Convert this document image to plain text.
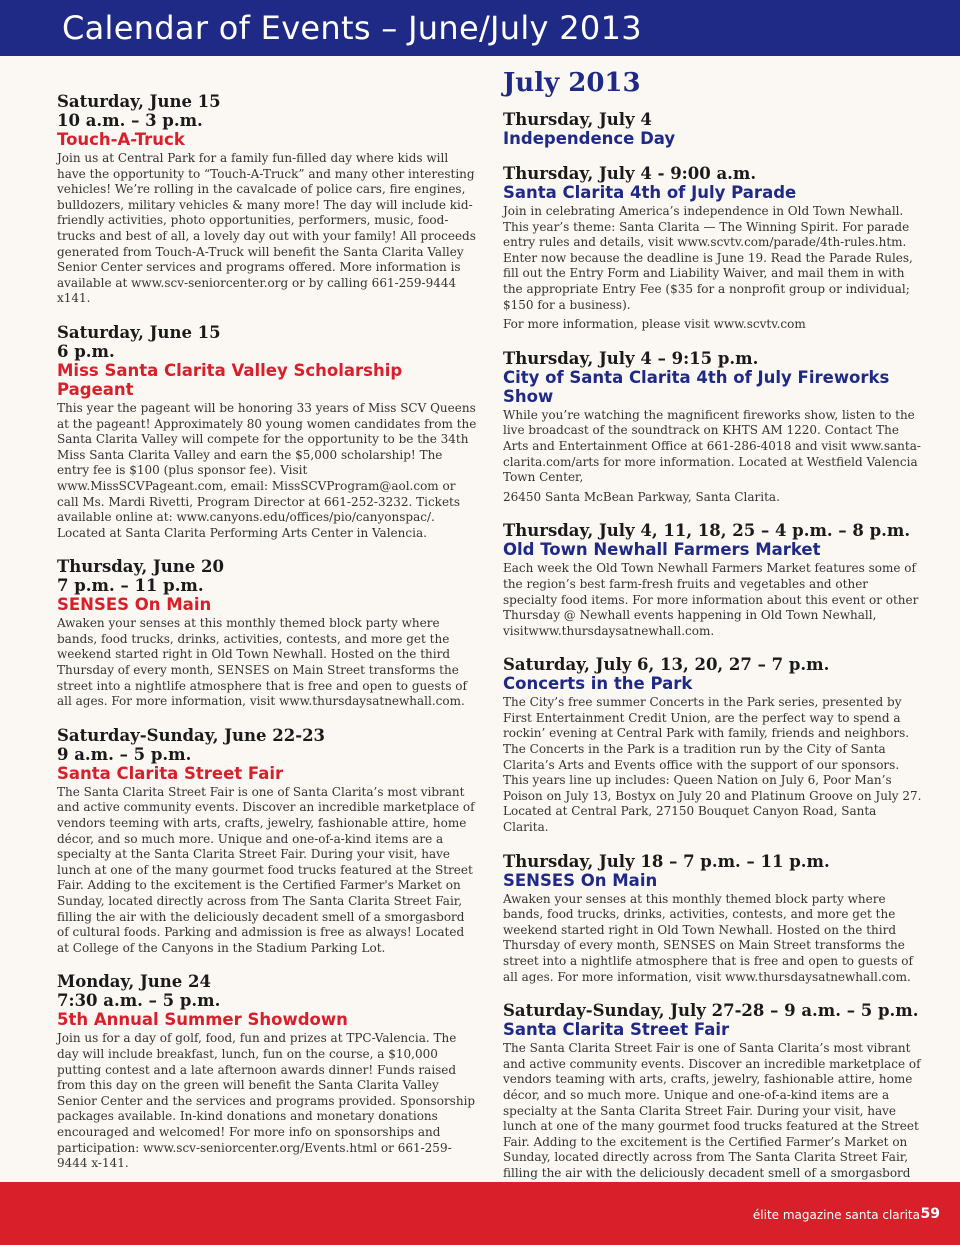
Calendar of Events – June/July 2013
Saturday, June 15
10 a.m. – 3 p.m.
Touch-A-Truck
Join us at Central Park for a family fun-filled day where kids will have the opportunity to “Touch-A-Truck” and many other interesting vehicles! We’re rolling in the cavalcade of police cars, fire engines, bulldozers, military vehicles & many more! The day will include kid-friendly activities, photo opportunities, performers, music, food-trucks and best of all, a lovely day out with your family! All proceeds generated from Touch-A-Truck will benefit the Santa Clarita Valley Senior Center services and programs offered. More information is available at www.scv-seniorcenter.org or by calling 661-259-9444 x141.
Saturday, June 15
6 p.m.
Miss Santa Clarita Valley Scholarship Pageant
This year the pageant will be honoring 33 years of Miss SCV Queens at the pageant! Approximately 80 young women candidates from the Santa Clarita Valley will compete for the opportunity to be the 34th Miss Santa Clarita Valley and earn the $5,000 scholarship! The entry fee is $100 (plus sponsor fee). Visit www.MissSCVPageant.com, email: MissSCVProgram@aol.com or call Ms. Mardi Rivetti, Program Director at 661-252-3232. Tickets available online at: www.canyons.edu/offices/pio/canyonspac/. Located at Santa Clarita Performing Arts Center in Valencia.
Thursday, June 20
7 p.m. – 11 p.m.
SENSES On Main
Awaken your senses at this monthly themed block party where bands, food trucks, drinks, activities, contests, and more get the weekend started right in Old Town Newhall. Hosted on the third Thursday of every month, SENSES on Main Street transforms the street into a nightlife atmosphere that is free and open to guests of all ages. For more information, visit www.thursdaysatnewhall.com.
Saturday-Sunday, June 22-23
9 a.m. – 5 p.m.
Santa Clarita Street Fair
The Santa Clarita Street Fair is one of Santa Clarita’s most vibrant and active community events. Discover an incredible marketplace of vendors teeming with arts, crafts, jewelry, fashionable attire, home décor, and so much more. Unique and one-of-a-kind items are a specialty at the Santa Clarita Street Fair. During your visit, have lunch at one of the many gourmet food trucks featured at the Street Fair. Adding to the excitement is the Certified Farmer's Market on Sunday, located directly across from The Santa Clarita Street Fair, filling the air with the deliciously decadent smell of a smorgasbord of cultural foods. Parking and admission is free as always! Located at College of the Canyons in the Stadium Parking Lot.
Monday, June 24
7:30 a.m. – 5 p.m.
5th Annual Summer Showdown
Join us for a day of golf, food, fun and prizes at TPC-Valencia. The day will include breakfast, lunch, fun on the course, a $10,000 putting contest and a late afternoon awards dinner! Funds raised from this day on the green will benefit the Santa Clarita Valley Senior Center and the services and programs provided. Sponsorship packages available. In-kind donations and monetary donations encouraged and welcomed! For more info on sponsorships and participation: www.scv-seniorcenter.org/Events.html or 661-259-9444 x-141.
July 2013
Thursday, July 4
Independence Day
Thursday, July 4 - 9:00 a.m.
Santa Clarita 4th of July Parade
Join in celebrating America’s independence in Old Town Newhall. This year’s theme: Santa Clarita — The Winning Spirit. For parade entry rules and details, visit www.scvtv.com/parade/4th-rules.htm. Enter now because the deadline is June 19. Read the Parade Rules, fill out the Entry Form and Liability Waiver, and mail them in with the appropriate Entry Fee ($35 for a nonprofit group or individual; $150 for a business).
For more information, please visit www.scvtv.com
Thursday, July 4 – 9:15 p.m.
City of Santa Clarita 4th of July Fireworks Show
While you’re watching the magnificent fireworks show, listen to the live broadcast of the soundtrack on KHTS AM 1220. Contact The Arts and Entertainment Office at 661-286-4018 and visit www.santa-clarita.com/arts for more information. Located at Westfield Valencia Town Center,
26450 Santa McBean Parkway, Santa Clarita.
Thursday, July 4, 11, 18, 25 – 4 p.m. – 8 p.m.
Old Town Newhall Farmers Market
Each week the Old Town Newhall Farmers Market features some of the region’s best farm-fresh fruits and vegetables and other specialty food items. For more information about this event or other Thursday @ Newhall events happening in Old Town Newhall, visitwww.thursdaysatnewhall.com.
Saturday, July 6, 13, 20, 27 – 7 p.m.
Concerts in the Park
The City’s free summer Concerts in the Park series, presented by First Entertainment Credit Union, are the perfect way to spend a rockin’ evening at Central Park with family, friends and neighbors. The Concerts in the Park is a tradition run by the City of Santa Clarita’s Arts and Events office with the support of our sponsors. This years line up includes: Queen Nation on July 6, Poor Man’s Poison on July 13, Bostyx on July 20 and Platinum Groove on July 27. Located at Central Park, 27150 Bouquet Canyon Road, Santa Clarita.
Thursday, July 18 – 7 p.m. – 11 p.m.
SENSES On Main
Awaken your senses at this monthly themed block party where bands, food trucks, drinks, activities, contests, and more get the weekend started right in Old Town Newhall. Hosted on the third Thursday of every month, SENSES on Main Street transforms the street into a nightlife atmosphere that is free and open to guests of all ages. For more information, visit www.thursdaysatnewhall.com.
Saturday-Sunday, July 27-28 – 9 a.m. – 5 p.m.
Santa Clarita Street Fair
The Santa Clarita Street Fair is one of Santa Clarita’s most vibrant and active community events. Discover an incredible marketplace of vendors teaming with arts, crafts, jewelry, fashionable attire, home décor, and so much more. Unique and one-of-a-kind items are a specialty at the Santa Clarita Street Fair. During your visit, have lunch at one of the many gourmet food trucks featured at the Street Fair. Adding to the excitement is the Certified Farmer’s Market on Sunday, located directly across from The Santa Clarita Street Fair, filling the air with the deliciously decadent smell of a smorgasbord
élite magazine santa clarita 59
